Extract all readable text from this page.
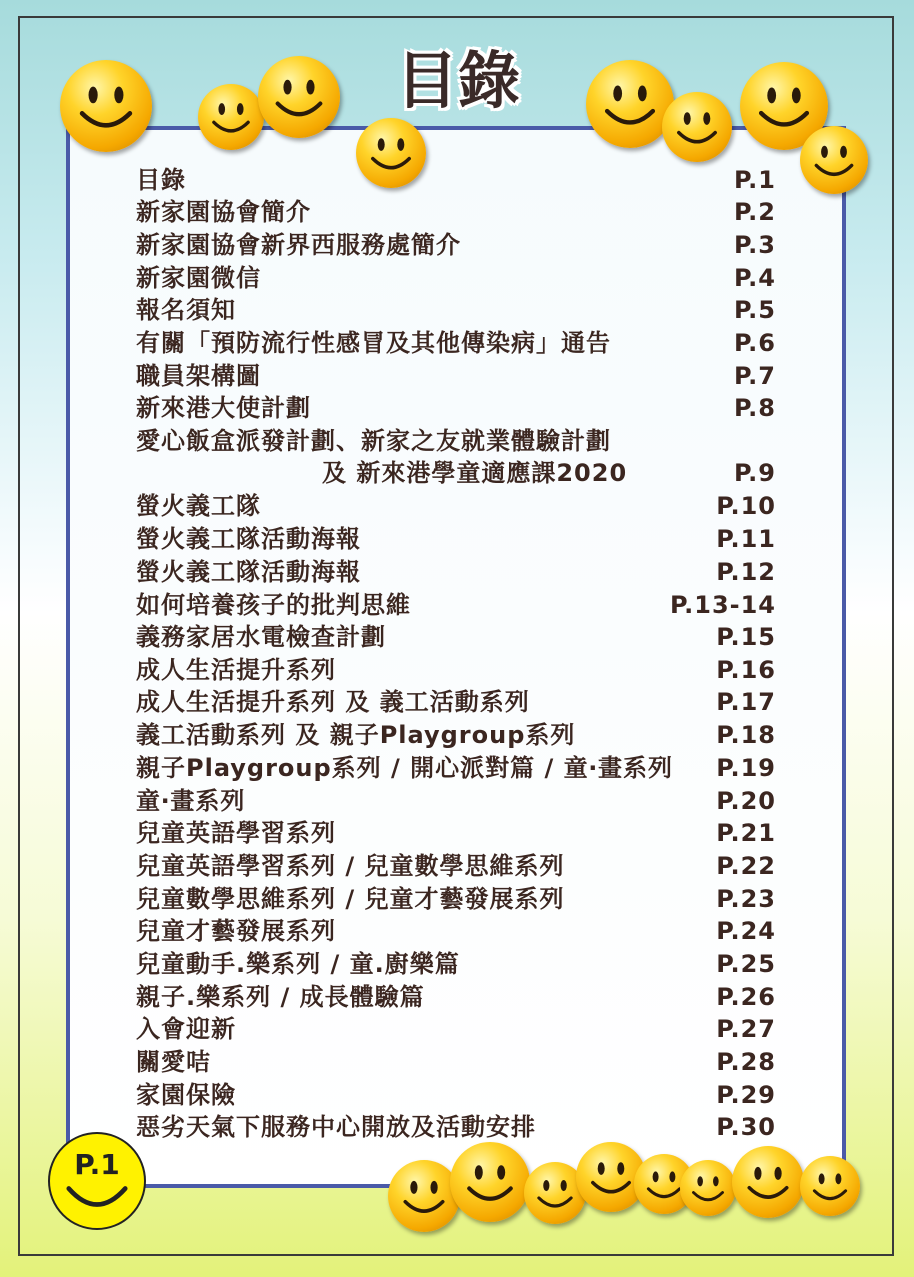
目錄
目錄	P.1
新家園協會簡介	P.2
新家園協會新界西服務處簡介	P.3
新家園微信	P.4
報名須知	P.5
有關「預防流行性感冒及其他傳染病」通告	P.6
職員架構圖	P.7
新來港大使計劃	P.8
愛心飯盒派發計劃、新家之友就業體驗計劃
及 新來港學童適應課2020	P.9
螢火義工隊	P.10
螢火義工隊活動海報	P.11
螢火義工隊活動海報	P.12
如何培養孩子的批判思維	P.13-14
義務家居水電檢查計劃	P.15
成人生活提升系列	P.16
成人生活提升系列 及 義工活動系列	P.17
義工活動系列 及 親子Playgroup系列	P.18
親子Playgroup系列 / 開心派對篇 / 童‧畫系列 P.19
童‧畫系列	P.20
兒童英語學習系列	P.21
兒童英語學習系列 / 兒童數學思維系列	P.22
兒童數學思維系列 / 兒童才藝發展系列	P.23
兒童才藝發展系列	P.24
兒童動手.樂系列 / 童.廚樂篇	P.25
親子.樂系列 / 成長體驗篇	P.26
入會迎新	P.27
關愛咭	P.28
家園保險	P.29
惡劣天氣下服務中心開放及活動安排	P.30
P.1
